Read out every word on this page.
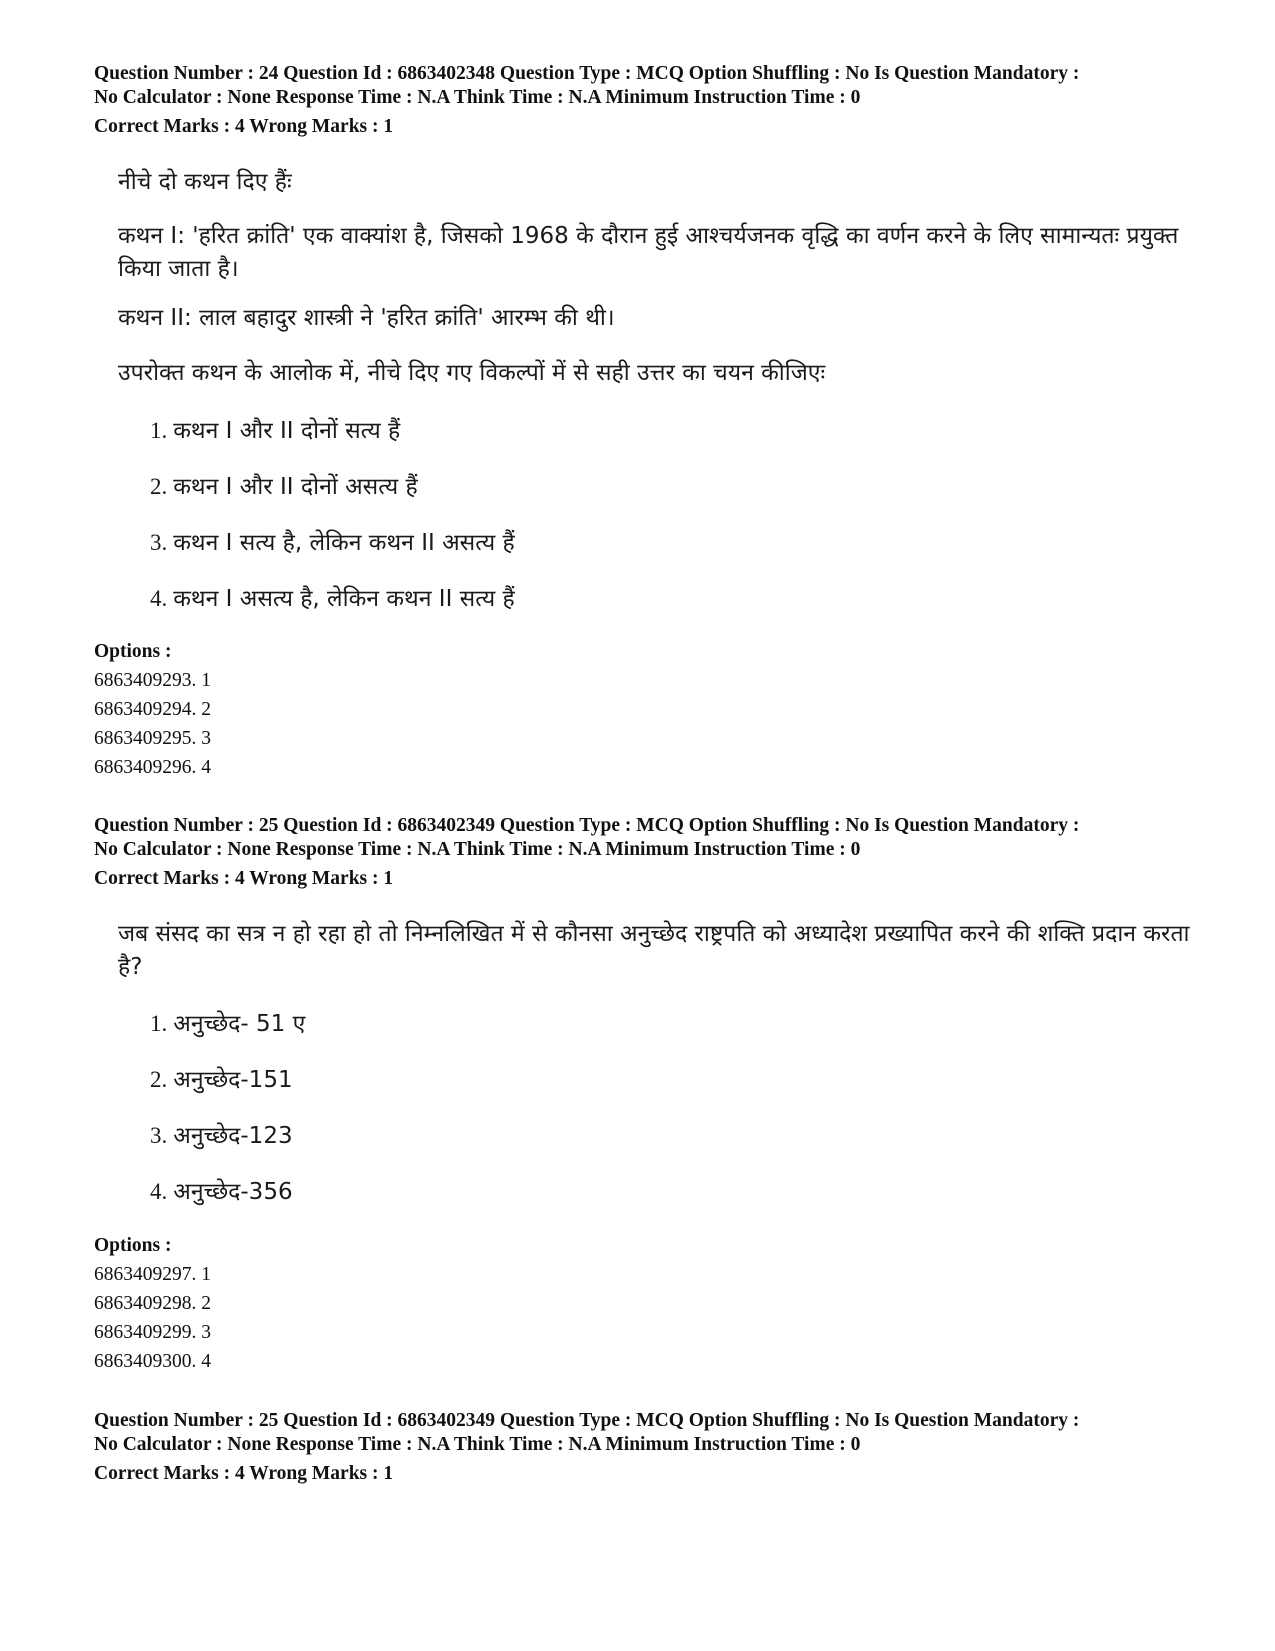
Question Number : 24 Question Id : 6863402348 Question Type : MCQ Option Shuffling : No Is Question Mandatory :
No Calculator : None Response Time : N.A Think Time : N.A Minimum Instruction Time : 0
Correct Marks : 4 Wrong Marks : 1
नीचे दो कथन दिए हैंः
कथन I: 'हरित क्रांति' एक वाक्यांश है, जिसको 1968 के दौरान हुई आश्चर्यजनक वृद्धि का वर्णन करने के लिए सामान्यतः प्रयुक्त किया जाता है।
कथन II: लाल बहादुर शास्त्री ने 'हरित क्रांति' आरम्भ की थी।
उपरोक्त कथन के आलोक में, नीचे दिए गए विकल्पों में से सही उत्तर का चयन कीजिएः
1. कथन I और II दोनों सत्य हैं
2. कथन I और II दोनों असत्य हैं
3. कथन I सत्य है, लेकिन कथन II असत्य हैं
4. कथन I असत्य है, लेकिन कथन II सत्य हैं
Options :
6863409293. 1
6863409294. 2
6863409295. 3
6863409296. 4
Question Number : 25 Question Id : 6863402349 Question Type : MCQ Option Shuffling : No Is Question Mandatory :
No Calculator : None Response Time : N.A Think Time : N.A Minimum Instruction Time : 0
Correct Marks : 4 Wrong Marks : 1
जब संसद का सत्र न हो रहा हो तो निम्नलिखित में से कौनसा अनुच्छेद राष्ट्रपति को अध्यादेश प्रख्यापित करने की शक्ति प्रदान करता है?
1. अनुच्छेद- 51 ए
2. अनुच्छेद-151
3. अनुच्छेद-123
4. अनुच्छेद-356
Options :
6863409297. 1
6863409298. 2
6863409299. 3
6863409300. 4
Question Number : 25 Question Id : 6863402349 Question Type : MCQ Option Shuffling : No Is Question Mandatory :
No Calculator : None Response Time : N.A Think Time : N.A Minimum Instruction Time : 0
Correct Marks : 4 Wrong Marks : 1
